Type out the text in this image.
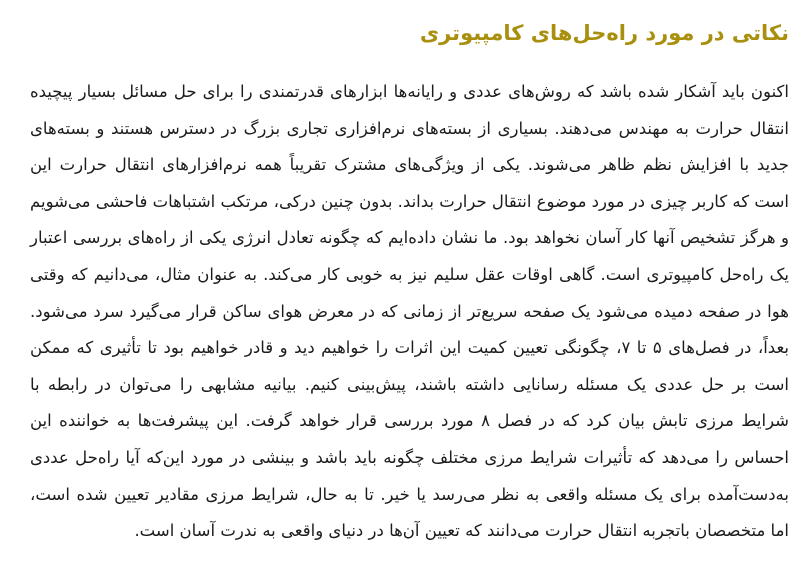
نکاتی در مورد راه‌حل‌های کامپیوتری

اکنون باید آشکار شده باشد که روش‌های عددی و رایانه‌ها ابزارهای قدرتمندی را برای حل مسائل بسیار پیچیده انتقال حرارت به مهندس می‌دهند. بسیاری از بسته‌های نرم‌افزاری تجاری بزرگ در دسترس هستند و بسته‌های جدید با افزایش نظم ظاهر می‌شوند. یکی از ویژگی‌های مشترک تقریباً همه نرم‌افزارهای انتقال حرارت این است که کاربر چیزی در مورد موضوع انتقال حرارت بداند. بدون چنین درکی، مرتکب اشتباهات فاحشی می‌شویم و هرگز تشخیص آنها کار آسان نخواهد بود. ما نشان داده‌ایم که چگونه تعادل انرژی یکی از راه‌های بررسی اعتبار یک راه‌حل کامپیوتری است. گاهی اوقات عقل سلیم نیز به خوبی کار می‌کند. به عنوان مثال، می‌دانیم که وقتی هوا در صفحه دمیده می‌شود یک صفحه سریع‌تر از زمانی که در معرض هوای ساکن قرار می‌گیرد سرد می‌شود. بعداً، در فصل‌های ۵ تا ۷، چگونگی تعیین کمیت این اثرات را خواهیم دید و قادر خواهیم بود تا تأثیری که ممکن است بر حل عددی یک مسئله رسانایی داشته باشند، پیش‌بینی کنیم. بیانیه مشابهی را می‌توان در رابطه با شرایط مرزی تابش بیان کرد که در فصل ۸ مورد بررسی قرار خواهد گرفت. این پیشرفت‌ها به خواننده این احساس را می‌دهد که تأثیرات شرایط مرزی مختلف چگونه باید باشد و بینشی در مورد این‌که آیا راه‌حل عددی به‌دست‌آمده برای یک مسئله واقعی به نظر می‌رسد یا خیر. تا به حال، شرایط مرزی مقادیر تعیین شده است، اما متخصصان باتجربه انتقال حرارت می‌دانند که تعیین آن‌ها در دنیای واقعی به ندرت آسان است.
